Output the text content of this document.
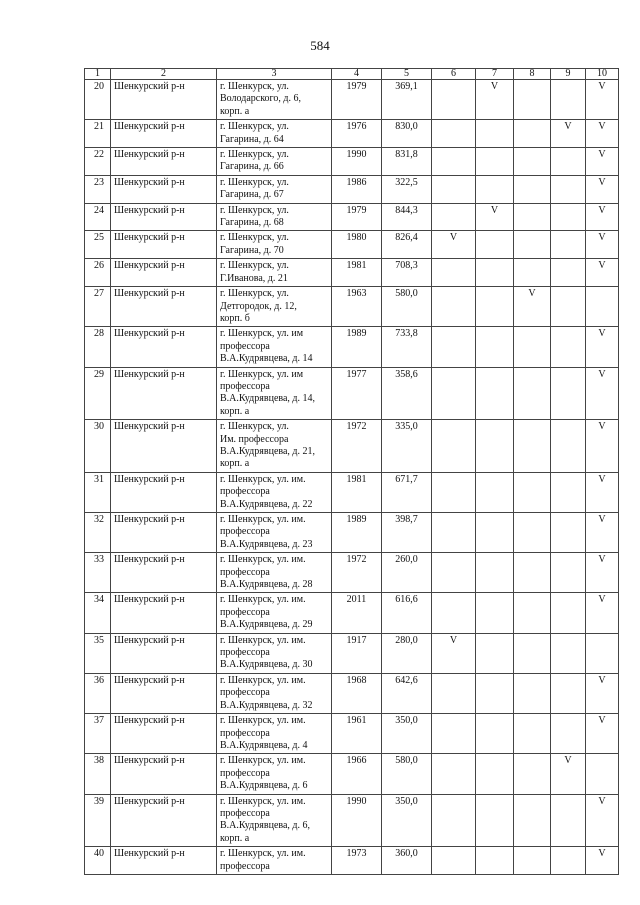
584
1	2	3	4	5	6	7	8	9	10
20	Шенкурский р-н	г. Шенкурск, ул.
Володарского, д. 6,
корп. а	1979	369,1		V			V
21	Шенкурский р-н	г. Шенкурск, ул.
Гагарина, д. 64	1976	830,0				V	V
22	Шенкурский р-н	г. Шенкурск, ул.
Гагарина, д. 66	1990	831,8					V
23	Шенкурский р-н	г. Шенкурск, ул.
Гагарина, д. 67	1986	322,5					V
24	Шенкурский р-н	г. Шенкурск, ул.
Гагарина, д. 68	1979	844,3		V			V
25	Шенкурский р-н	г. Шенкурск, ул.
Гагарина, д. 70	1980	826,4	V				V
26	Шенкурский р-н	г. Шенкурск, ул.
Г.Иванова, д. 21	1981	708,3					V
27	Шенкурский р-н	г. Шенкурск, ул.
Детгородок, д. 12,
корп. б	1963	580,0			V		
28	Шенкурский р-н	г. Шенкурск, ул. им
профессора
В.А.Кудрявцева, д. 14	1989	733,8					V
29	Шенкурский р-н	г. Шенкурск, ул. им
профессора
В.А.Кудрявцева, д. 14,
корп. а	1977	358,6					V
30	Шенкурский р-н	г. Шенкурск, ул.
Им. профессора
В.А.Кудрявцева, д. 21,
корп. а	1972	335,0					V
31	Шенкурский р-н	г. Шенкурск, ул. им.
профессора
В.А.Кудрявцева, д. 22	1981	671,7					V
32	Шенкурский р-н	г. Шенкурск, ул. им.
профессора
В.А.Кудрявцева, д. 23	1989	398,7					V
33	Шенкурский р-н	г. Шенкурск, ул. им.
профессора
В.А.Кудрявцева, д. 28	1972	260,0					V
34	Шенкурский р-н	г. Шенкурск, ул. им.
профессора
В.А.Кудрявцева, д. 29	2011	616,6					V
35	Шенкурский р-н	г. Шенкурск, ул. им.
профессора
В.А.Кудрявцева, д. 30	1917	280,0	V				
36	Шенкурский р-н	г. Шенкурск, ул. им.
профессора
В.А.Кудрявцева, д. 32	1968	642,6					V
37	Шенкурский р-н	г. Шенкурск, ул. им.
профессора
В.А.Кудрявцева, д. 4	1961	350,0					V
38	Шенкурский р-н	г. Шенкурск, ул. им.
профессора
В.А.Кудрявцева, д. 6	1966	580,0				V	
39	Шенкурский р-н	г. Шенкурск, ул. им.
профессора
В.А.Кудрявцева, д. 6,
корп. а	1990	350,0					V
40	Шенкурский р-н	г. Шенкурск, ул. им.
профессора	1973	360,0					V
